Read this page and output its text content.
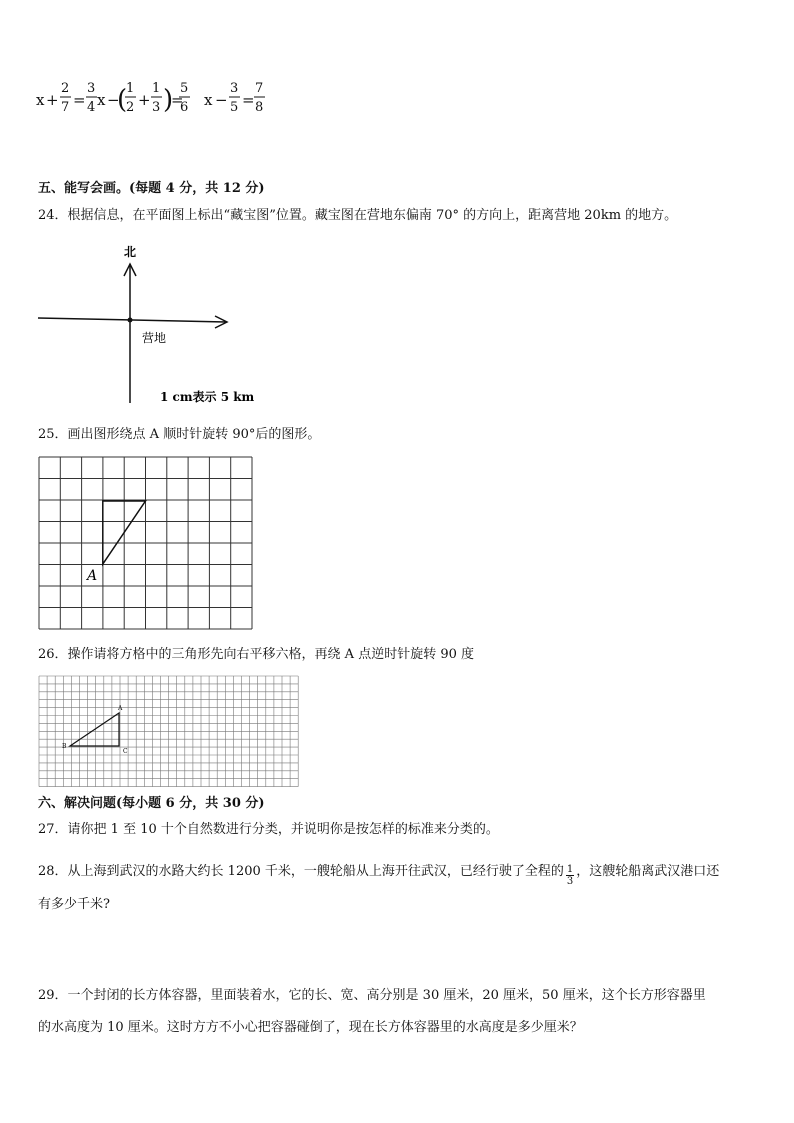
x +
2
7 =
3
4 x −
(
1
2 +
1
3 )
=
5
6 x −
3
5 =
7
8
五、能写会画。(每题 4 分，共 12 分)
24．根据信息，在平面图上标出“藏宝图”位置。藏宝图在营地东偏南 70° 的方向上，距离营地 20km 的地方。
北
营地
1 cm表示 5 km
25．画出图形绕点 A 顺时针旋转 90°后的图形。
A
26．操作请将方格中的三角形先向右平移六格，再绕 A 点逆时针旋转 90 度
A
B
C
六、解决问题(每小题 6 分，共 30 分)
27．请你把 1 至 10 十个自然数进行分类，并说明你是按怎样的标准来分类的。
28．从上海到武汉的水路大约长 1200 千米，一艘轮船从上海开往武汉，已经行驶了全程的 $\frac{1}{3}$ ，这艘轮船离武汉港口还
有多少千米?
29．一个封闭的长方体容器，里面装着水，它的长、宽、高分别是 30 厘米，20 厘米，50 厘米，这个长方形容器里
的水高度为 10 厘米。这时方方不小心把容器碰倒了，现在长方体容器里的水高度是多少厘米？
